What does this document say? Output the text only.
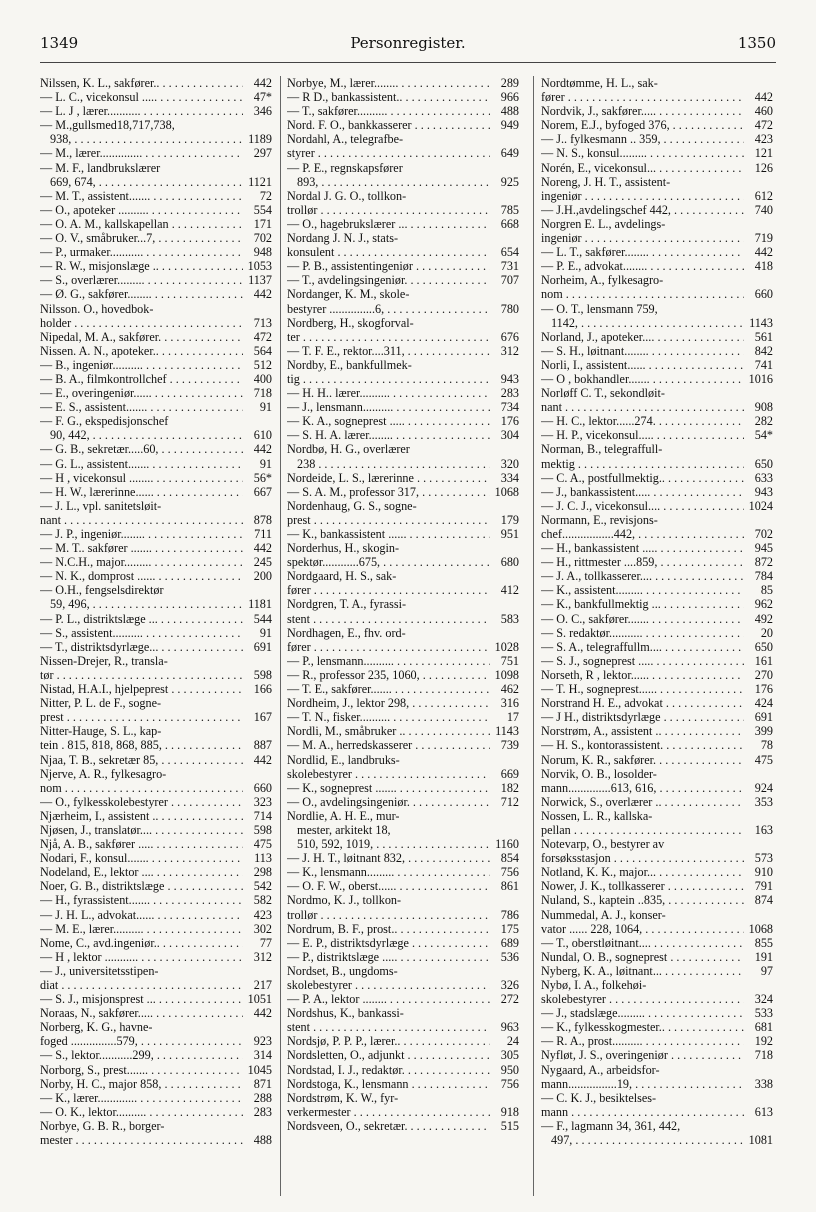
1349	Personregister.	1350
Nilssen, K. L., sakfører.. . . .	442
— L. C., vicekonsul ..... . . .	47*
— L. J , lærer........... . . .	346
— M.,gullsmed18,717,738,
938, . . .	1189
— M., lærer.............. . . .	297
— M. F., landbrukslærer
669, 674, . . .	1121
— M. T., assistent....... . . .	72
— O., apoteker .......... . . .	554
— O. A. M., kallskapellan . . .	171
— O. V., småbruker...7, . . .	702
— P., urmaker........... . . .	948
— R. W., misjonslæge .. . . .	1053
— S., overlærer......... . . .	1137
— Ø. G., sakfører........ . . .	442
Nilsson. O., hovedbok-
holder . . .	713
Nipedal, M. A., sakfører. . . .	472
Nissen. A. N., apoteker.. . . .	564
— B., ingeniør.......... . . .	512
— B. A., filmkontrollchef . . .	400
— E., overingeniør...... . . .	718
— E. S., assistent....... . . .	91
— F. G., ekspedisjonschef
90, 442, . . .	610
— G. B., sekretær.....60, . . .	442
— G. L., assistent....... . . .	91
— H , vicekonsul ........ . . .	56*
— H. W., lærerinne...... . . .	667
— J. L., vpl. sanitetsløit-
nant . . .	878
— J. P., ingeniør........ . . .	711
— M. T.. sakfører ....... . . .	442
— N.C.H., major......... . . .	245
— N. K., domprost ...... . . .	200
— O.H., fengselsdirektør
59, 496, . . .	1181
— P. L., distriktslæge ... . . .	544
— S., assistent.......... . . .	91
— T., distriktsdyrlæge... . . .	691
Nissen-Drejer, R., transla-
tør . . .	598
Nistad, H.A.I., hjelpeprest . . .	166
Nitter, P. L. de F., sogne-
prest . . .	167
Nitter-Hauge, S. L., kap-
tein . 815, 818, 868, 885, . . .	887
Njaa, T. B., sekretær 85, . . .	442
Njerve, A. R., fylkesagro-
nom . . .	660
— O., fylkesskolebestyrer . . .	323
Njærheim, I., assistent .. . . .	714
Njøsen, J., translatør.... . . .	598
Njå, A. B., sakfører ..... . . .	475
Nodari, F., konsul....... . . .	113
Nodeland, E., lektor .... . . .	298
Noer, G. B., distriktslæge . . .	542
— H., fyrassistent....... . . .	582
— J. H. L., advokat...... . . .	423
— M. E., lærer.......... . . .	302
Nome, C., avd.ingeniør.. . . .	77
— H , lektor ........... . . .	312
— J., universitetsstipen-
diat . . .	217
— S. J., misjonsprest ... . . .	1051
Noraas, N., sakfører..... . . .	442
Norberg, K. G., havne-
foged ...............579, . . .	923
— S., lektor...........299, . . .	314
Norborg, S., prest....... . . .	1045
Norby, H. C., major 858, . . .	871
— K., lærer............. . . .	288
— O. K., lektor.......... . . .	283
Norbye, G. B. R., borger-
mester . . .	488
Norbye, M., lærer........ . . .	289
— R D., bankassistent.. . . .	966
— T., sakfører.......... . . .	488
Nord. F. O., bankkasserer . . .	949
Nordahl, A., telegrafbe-
styrer . . .	649
— P. E., regnskapsfører
893, . . .	925
Nordal J. G. O., tollkon-
trollør . . .	785
— O., hagebrukslærer ... . . .	668
Nordang J. N. J., stats-
konsulent . . .	654
— P. B., assistentingeniør . . .	731
— T., avdelingsingeniør. . . .	707
Nordanger, K. M., skole-
bestyrer ...............6, . . .	780
Nordberg, H., skogforval-
ter . . .	676
— T. F. E., rektor....311, . . .	312
Nordby, E., bankfullmek-
tig . . .	943
— H. H.. lærer.......... . . .	283
— J., lensmann.......... . . .	734
— K. A., sogneprest ..... . . .	176
— S. H. A. lærer........ . . .	304
Nordbø, H. G., overlærer
238 . . .	320
Nordeide, L. S., lærerinne . . .	334
— S. A. M., professor 317, . . .	1068
Nordenhaug, G. S., sogne-
prest . . .	179
— K., bankassistent ...... . . .	951
Norderhus, H., skogin-
spektør............675, . . .	680
Nordgaard, H. S., sak-
fører . . .	412
Nordgren, T. A., fyrassi-
stent . . .	583
Nordhagen, E., fhv. ord-
fører . . .	1028
— P., lensmann.......... . . .	751
— R., professor 235, 1060, . . .	1098
— T. E., sakfører....... . . .	462
Nordheim, J., lektor 298, . . .	316
— T. N., fisker.......... . . .	17
Nordli, M., småbruker .. . . .	1143
— M. A., herredskasserer . . .	739
Nordlid, E., landbruks-
skolebestyrer . . .	669
— K., sogneprest ....... . . .	182
— O., avdelingsingeniør. . . .	712
Nordlie, A. H. E., mur-
mester, arkitekt 18,
510, 592, 1019, . . .	1160
— J. H. T., løitnant 832, . . .	854
— K., lensmann......... . . .	756
— O. F. W., oberst...... . . .	861
Nordmo, K. J., tollkon-
trollør . . .	786
Nordrum, B. F., prost.. . . .	175
— E. P., distriktsdyrlæge . . .	689
— P., distriktslæge ..... . . .	536
Nordset, B., ungdoms-
skolebestyrer . . .	326
— P. A., lektor ........ . . .	272
Nordshus, K., bankassi-
stent . . .	963
Nordsjø, P. P. P., lærer.. . . .	24
Nordsletten, O., adjunkt . . .	305
Nordstad, I. J., redaktør. . . .	950
Nordstoga, K., lensmann . . .	756
Nordstrøm, K. W., fyr-
verkermester . . .	918
Nordsveen, O., sekretær. . . .	515
Nordtømme, H. L., sak-
fører . . .	442
Nordvik, J., sakfører..... . . .	460
Norem, E.J., byfoged 376, . . .	472
— J.. fylkesmann .. 359, . . .	423
— N. S., konsul......... . . .	121
Norén, E., vicekonsul... . . .	126
Noreng, J. H. T., assistent-
ingeniør . . .	612
— J.H.,avdelingschef 442, . . .	740
Norgren E. L., avdelings-
ingeniør . . .	719
— L. T., sakfører........ . . .	442
— P. E., advokat........ . . .	418
Norheim, A., fylkesagro-
nom . . .	660
— O. T., lensmann 759,
1142, . . .	1143
Norland, J., apoteker.... . . .	561
— S. H., løitnant........ . . .	842
Norli, I., assistent...... . . .	741
— O , bokhandler....... . . .	1016
Norløff C. T., sekondløit-
nant . . .	908
— H. C., lektor......274. . . .	282
— H. P., vicekonsul..... . . .	54*
Norman, B., telegraffull-
mektig . . .	650
— C. A., postfullmektig.. . . .	633
— J., bankassistent..... . . .	943
— J. C. J., vicekonsul.... . . .	1024
Normann, E., revisjons-
chef.................442, . . .	702
— H., bankassistent ..... . . .	945
— H., rittmester ....859, . . .	872
— J. A., tollkasserer.... . . .	784
— K., assistent......... . . .	85
— K., bankfullmektig ... . . .	962
— O. C., sakfører....... . . .	492
— S. redaktør........... . . .	20
— S. A., telegraffullm.... . . .	650
— S. J., sogneprest ..... . . .	161
Norseth, R , lektor...... . . .	270
— T. H., sogneprest...... . . .	176
Norstrand H. E., advokat . . .	424
— J H., distriktsdyrlæge . . .	691
Norstrøm, A., assistent .. . . .	399
— H. S., kontorassistent. . . .	78
Norum, K. R., sakfører. . . .	475
Norvik, O. B., losolder-
mann..............613, 616, . . .	924
Norwick, S., overlærer .. . . .	353
Nossen, L. R., kallska-
pellan . . .	163
Notevarp, O., bestyrer av
forsøksstasjon . . .	573
Notland, K. K., major... . . .	910
Nower, J. K., tollkasserer . . .	791
Nuland, S., kaptein ..835, . . .	874
Nummedal, A. J., konser-
vator ...... 228, 1064, . . .	1068
— T., oberstløitnant.... . . .	855
Nundal, O. B., sogneprest . . .	191
Nyberg, K. A., løitnant... . . .	97
Nybø, I. A., folkehøi-
skolebestyrer . . .	324
— J., stadslæge......... . . .	533
— K., fylkesskogmester.. . . .	681
— R. A., prost.......... . . .	192
Nyfløt, J. S., overingeniør . . .	718
Nygaard, A., arbeidsfor-
mann................19, . . .	338
— C. K. J., besiktelses-
mann . . .	613
— F., lagmann 34, 361, 442,
497, . . .	1081
